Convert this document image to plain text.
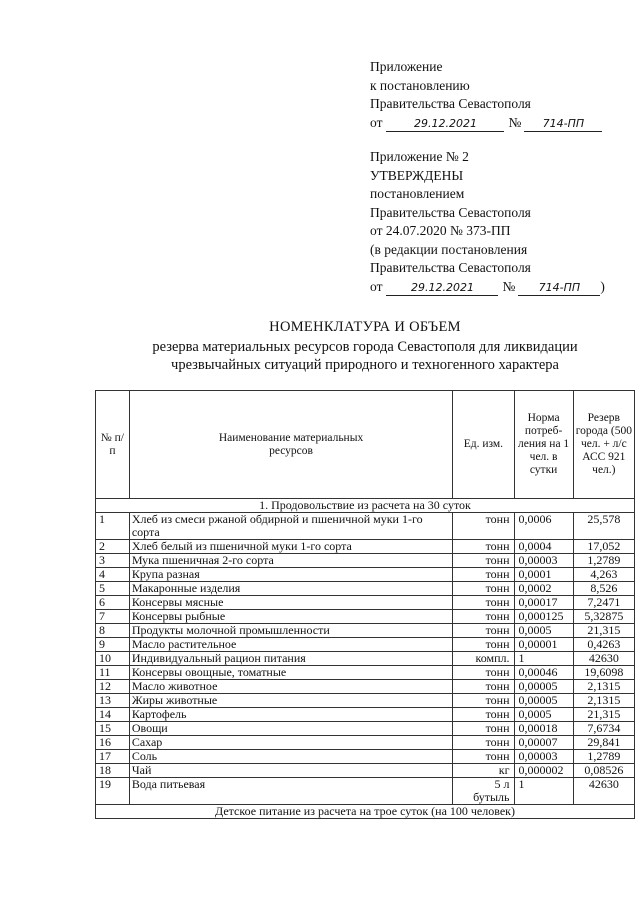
Приложение
к постановлению
Правительства Севастополя
от	29.12.2021	№	714-ПП
Приложение № 2
УТВЕРЖДЕНЫ
постановлением
Правительства Севастополя
от 24.07.2020 № 373-ПП
(в редакции постановления
Правительства Севастополя
от	29.12.2021	№	714-ПП	)
НОМЕНКЛАТУРА И ОБЪЕМ
резерва материальных ресурсов города Севастополя для ликвидации
чрезвычайных ситуаций природного и техногенного характера
№ п/п	Наименование материальных ресурсов	Ед. изм.	Норма потреб-ления на 1 чел. в сутки	Резерв города (500 чел. + л/с АСС 921 чел.)
1. Продовольствие из расчета на 30 суток				
1	Хлеб из смеси ржаной обдирной и пшеничной муки 1-го сорта	тонн	0,0006	25,578
2	Хлеб белый из пшеничной муки 1-го сорта	тонн	0,0004	17,052
3	Мука пшеничная 2-го сорта	тонн	0,00003	1,2789
4	Крупа разная	тонн	0,0001	4,263
5	Макаронные изделия	тонн	0,0002	8,526
6	Консервы мясные	тонн	0,00017	7,2471
7	Консервы рыбные	тонн	0,000125	5,32875
8	Продукты молочной промышленности	тонн	0,0005	21,315
9	Масло растительное	тонн	0,00001	0,4263
10	Индивидуальный рацион питания	компл.	1	42630
11	Консервы овощные, томатные	тонн	0,00046	19,6098
12	Масло животное	тонн	0,00005	2,1315
13	Жиры животные	тонн	0,00005	2,1315
14	Картофель	тонн	0,0005	21,315
15	Овощи	тонн	0,00018	7,6734
16	Сахар	тонн	0,00007	29,841
17	Соль	тонн	0,00003	1,2789
18	Чай	кг	0,000002	0,08526
19	Вода питьевая	5 л бутыль	1	42630
Детское питание из расчета на трое суток (на 100 человек)				
